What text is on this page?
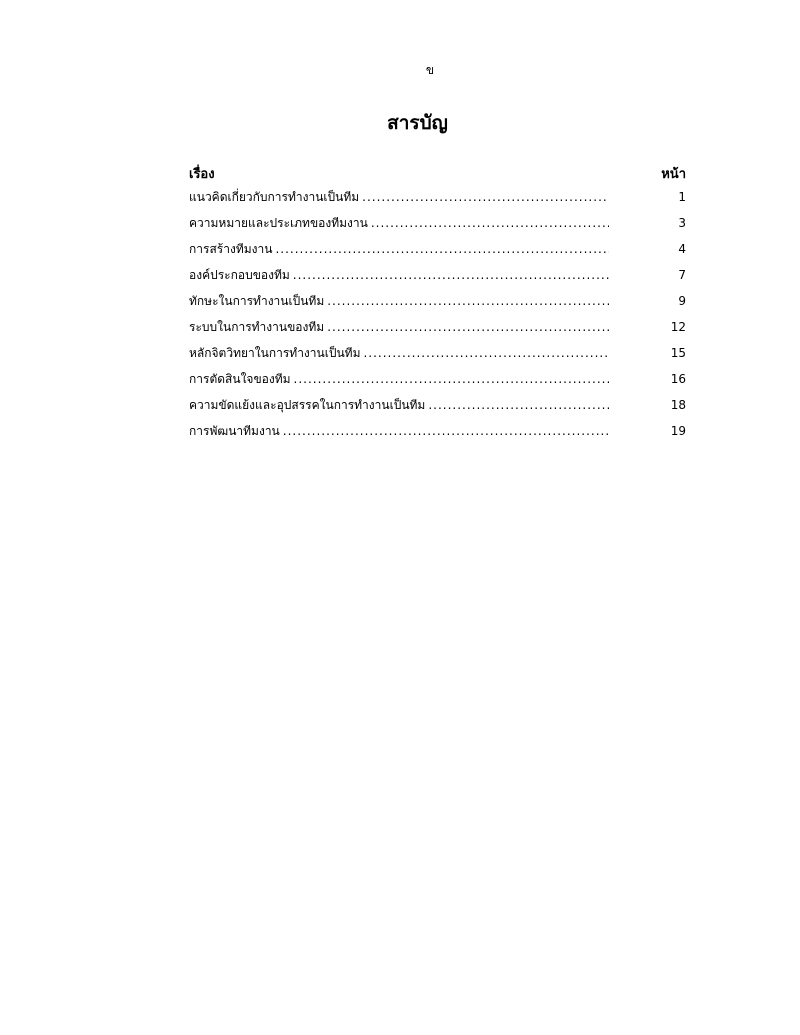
ข
สารบัญ
เรื่อง	หน้า
แนวคิดเกี่ยวกับการทำงานเป็นทีม .....	1
ความหมายและประเภทของทีมงาน .....	3
การสร้างทีมงาน .....	4
องค์ประกอบของทีม .....	7
ทักษะในการทำงานเป็นทีม .....	9
ระบบในการทำงานของทีม .....	12
หลักจิตวิทยาในการทำงานเป็นทีม .....	15
การตัดสินใจของทีม .....	16
ความขัดแย้งและอุปสรรคในการทำงานเป็นทีม .....	18
การพัฒนาทีมงาน .....	19
